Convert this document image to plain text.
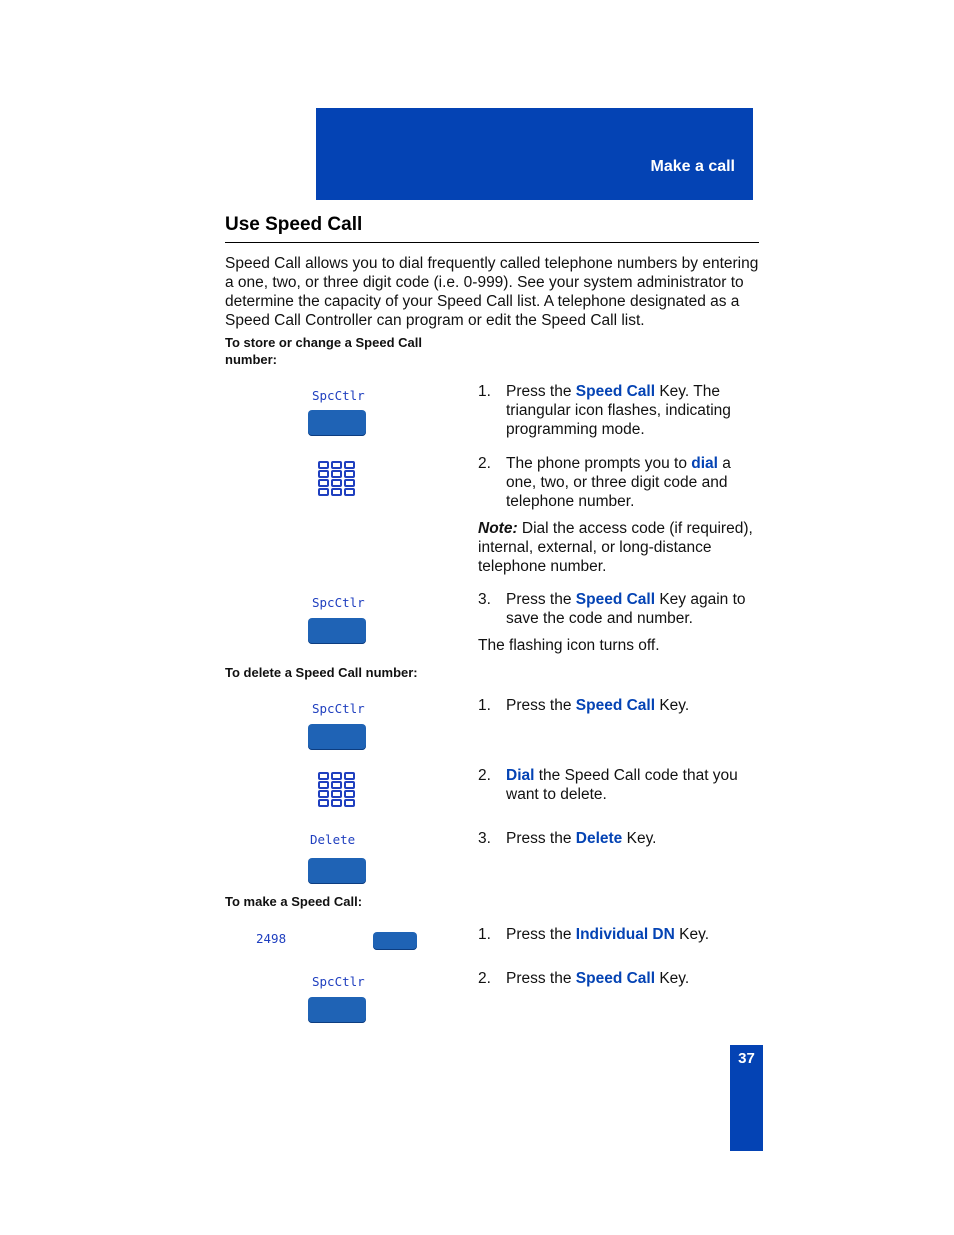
Make a call
Use Speed Call

Speed Call allows you to dial frequently called telephone numbers by entering a one, two, or three digit code (i.e. 0-999). See your system administrator to determine the capacity of your Speed Call list. A telephone designated as a Speed Call Controller can program or edit the Speed Call list.

To store or change a Speed Call number:
SpcCtlr
SpcCtlr
1. Press the Speed Call Key. The triangular icon flashes, indicating programming mode.
2. The phone prompts you to dial a one, two, or three digit code and telephone number.
Note: Dial the access code (if required), internal, external, or long-distance telephone number.
3. Press the Speed Call Key again to save the code and number.
The flashing icon turns off.
To delete a Speed Call number:
SpcCtlr
Delete
1. Press the Speed Call Key.
2. Dial the Speed Call code that you want to delete.
3. Press the Delete Key.
To make a Speed Call:
2498
SpcCtlr
1. Press the Individual DN Key.
2. Press the Speed Call Key.
37
